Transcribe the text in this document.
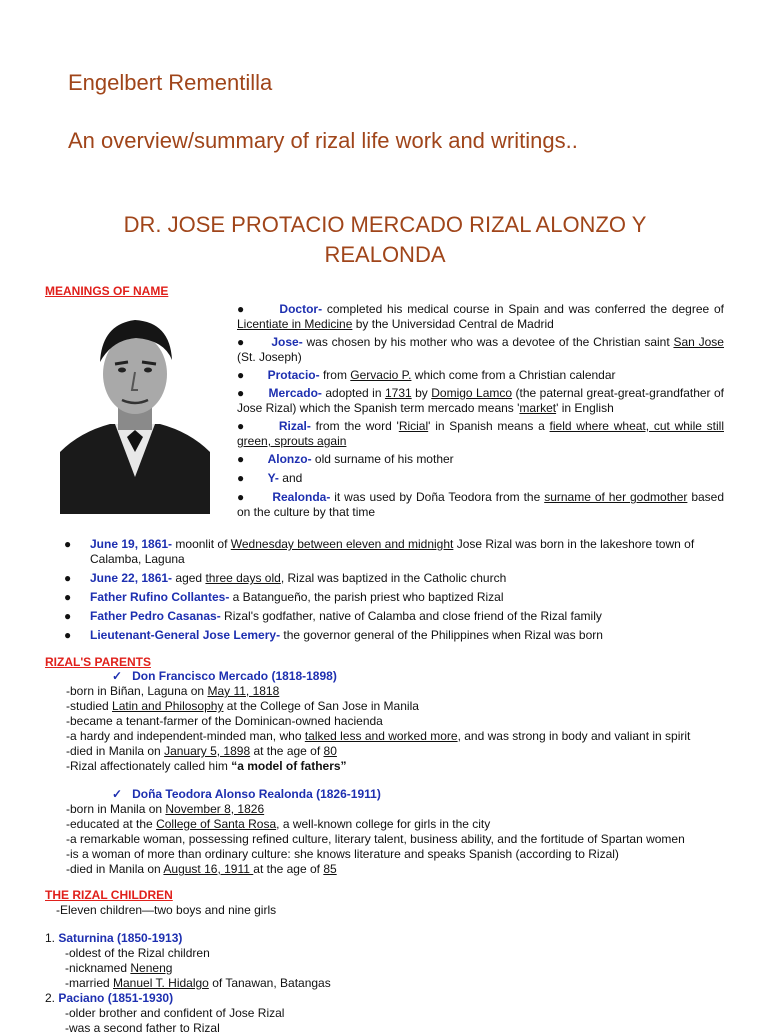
Engelbert Rementilla
An overview/summary of rizal life work and writings..
DR. JOSE PROTACIO MERCADO RIZAL ALONZO Y
REALONDA
MEANINGS OF NAME
●	Doctor- completed his medical course in Spain and was conferred the degree of Licentiate in Medicine by the Universidad Central de Madrid
● Jose- was chosen by his mother who was a devotee of the Christian saint San Jose (St. Joseph)
● Protacio- from Gervacio P. which come from a Christian calendar
● Mercado- adopted in 1731 by Domigo Lamco (the paternal great-great-grandfather of Jose Rizal) which the Spanish term mercado means 'market' in English
●	Rizal- from the word 'Ricial' in Spanish means a field where wheat, cut while still green, sprouts again
● Alonzo- old surname of his mother
● Y- and
● Realonda- it was used by Doña Teodora from the surname of her godmother based on the culture by that time
●	June 19, 1861- moonlit of Wednesday between eleven and midnight Jose Rizal was born in the lakeshore town of Calamba, Laguna
●	June 22, 1861- aged three days old, Rizal was baptized in the Catholic church
●	Father Rufino Collantes- a Batangueño, the parish priest who baptized Rizal
●	Father Pedro Casanas- Rizal's godfather, native of Calamba and close friend of the Rizal family
●	Lieutenant-General Jose Lemery- the governor general of the Philippines when Rizal was born
RIZAL'S PARENTS
✓ Don Francisco Mercado (1818-1898)
-born in Biñan, Laguna on May 11, 1818
-studied Latin and Philosophy at the College of San Jose in Manila
-became a tenant-farmer of the Dominican-owned hacienda
-a hardy and independent-minded man, who talked less and worked more, and was strong in body and valiant in spirit
-died in Manila on January 5, 1898 at the age of 80
-Rizal affectionately called him “a model of fathers”
✓ Doña Teodora Alonso Realonda (1826-1911)
-born in Manila on November 8, 1826
-educated at the College of Santa Rosa, a well-known college for girls in the city
-a remarkable woman, possessing refined culture, literary talent, business ability, and the fortitude of Spartan women
-is a woman of more than ordinary culture: she knows literature and speaks Spanish (according to Rizal)
-died in Manila on August 16, 1911 at the age of 85
THE RIZAL CHILDREN
-Eleven children—two boys and nine girls
1. Saturnina (1850-1913)
-oldest of the Rizal children
-nicknamed Neneng
-married Manuel T. Hidalgo of Tanawan, Batangas
2. Paciano (1851-1930)
-older brother and confident of Jose Rizal
-was a second father to Rizal
